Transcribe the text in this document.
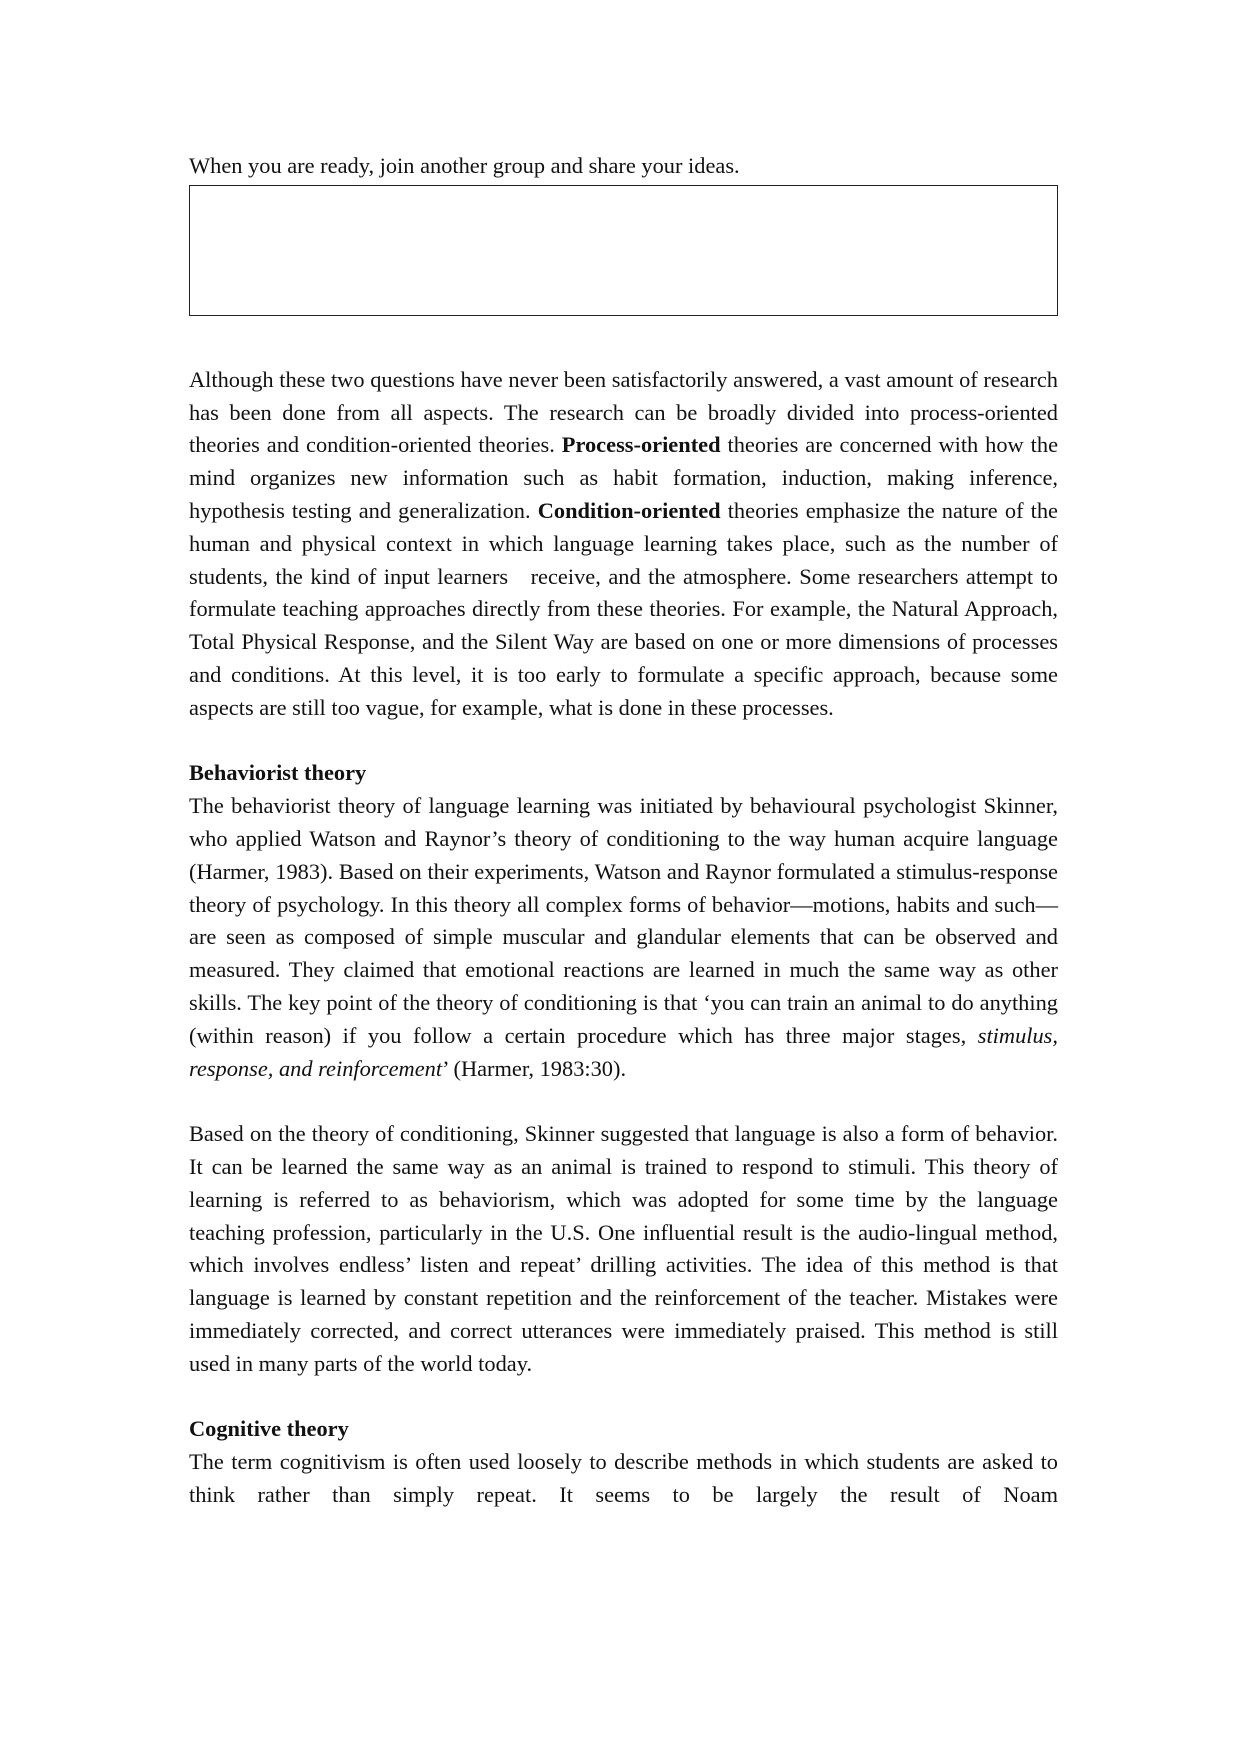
When you are ready, join another group and share your ideas.

Although these two questions have never been satisfactorily answered, a vast amount of research has been done from all aspects. The research can be broadly divided into process-oriented theories and condition-oriented theories. Process-oriented theories are concerned with how the mind organizes new information such as habit formation, induction, making inference, hypothesis testing and generalization. Condition-oriented theories emphasize the nature of the human and physical context in which language learning takes place, such as the number of students, the kind of input learners   receive, and the atmosphere. Some researchers attempt to formulate teaching approaches directly from these theories. For example, the Natural Approach, Total Physical Response, and the Silent Way are based on one or more dimensions of processes and conditions. At this level, it is too early to formulate a specific approach, because some aspects are still too vague, for example, what is done in these processes.

Behaviorist theory

The behaviorist theory of language learning was initiated by behavioural psychologist Skinner, who applied Watson and Raynor’s theory of conditioning to the way human acquire language (Harmer, 1983). Based on their experiments, Watson and Raynor formulated a stimulus-response theory of psychology. In this theory all complex forms of behavior—motions, habits and such—are seen as composed of simple muscular and glandular elements that can be observed and measured. They claimed that emotional reactions are learned in much the same way as other skills. The key point of the theory of conditioning is that ‘you can train an animal to do anything (within reason) if you follow a certain procedure which has three major stages, stimulus, response, and reinforcement’ (Harmer, 1983:30).

Based on the theory of conditioning, Skinner suggested that language is also a form of behavior. It can be learned the same way as an animal is trained to respond to stimuli. This theory of learning is referred to as behaviorism, which was adopted for some time by the language teaching profession, particularly in the U.S. One influential result is the audio-lingual method, which involves endless’ listen and repeat’ drilling activities. The idea of this method is that language is learned by constant repetition and the reinforcement of the teacher. Mistakes were immediately corrected, and correct utterances were immediately praised. This method is still used in many parts of the world today.

Cognitive theory

The term cognitivism is often used loosely to describe methods in which students are asked to think rather than simply repeat. It seems to be largely the result of Noam
